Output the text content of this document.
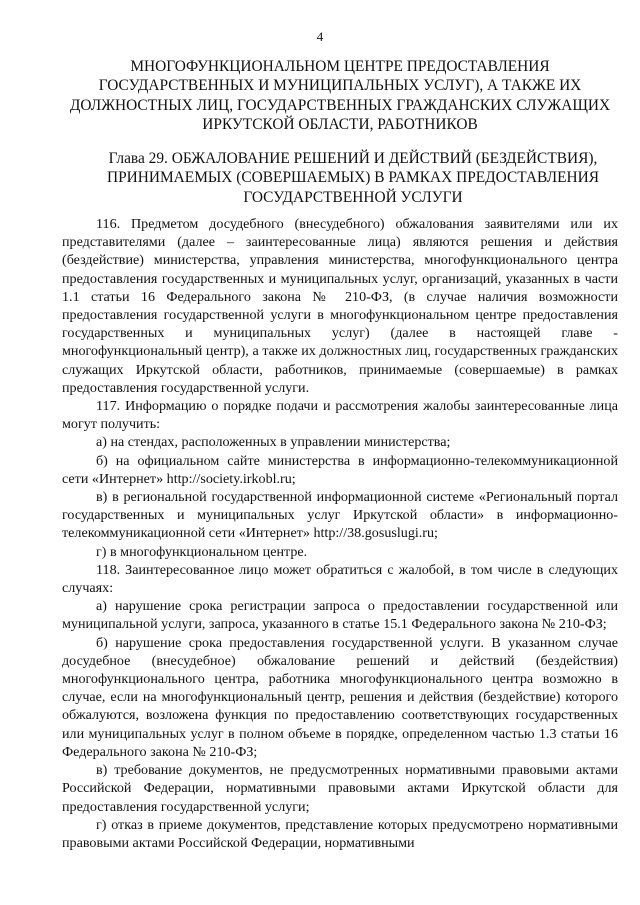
4
МНОГОФУНКЦИОНАЛЬНОМ ЦЕНТРЕ ПРЕДОСТАВЛЕНИЯ ГОСУДАРСТВЕННЫХ И МУНИЦИПАЛЬНЫХ УСЛУГ), А ТАКЖЕ ИХ ДОЛЖНОСТНЫХ ЛИЦ, ГОСУДАРСТВЕННЫХ ГРАЖДАНСКИХ СЛУЖАЩИХ ИРКУТСКОЙ ОБЛАСТИ, РАБОТНИКОВ
Глава 29. ОБЖАЛОВАНИЕ РЕШЕНИЙ И ДЕЙСТВИЙ (БЕЗДЕЙСТВИЯ), ПРИНИМАЕМЫХ (СОВЕРШАЕМЫХ) В РАМКАХ ПРЕДОСТАВЛЕНИЯ ГОСУДАРСТВЕННОЙ УСЛУГИ

116. Предметом досудебного (внесудебного) обжалования заявителями или их представителями (далее – заинтересованные лица) являются решения и действия (бездействие) министерства, управления министерства, многофункционального центра предоставления государственных и муниципальных услуг, организаций, указанных в части 1.1 статьи 16 Федерального закона № 210-ФЗ, (в случае наличия возможности предоставления государственной услуги в многофункциональном центре предоставления государственных и муниципальных услуг) (далее в настоящей главе - многофункциональный центр), а также их должностных лиц, государственных гражданских служащих Иркутской области, работников, принимаемые (совершаемые) в рамках предоставления государственной услуги.

117. Информацию о порядке подачи и рассмотрения жалобы заинтересованные лица могут получить:

а) на стендах, расположенных в управлении министерства;

б) на официальном сайте министерства в информационно-телекоммуникационной сети «Интернет» http://society.irkobl.ru;

в) в региональной государственной информационной системе «Региональный портал государственных и муниципальных услуг Иркутской области» в информационно-телекоммуникационной сети «Интернет» http://38.gosuslugi.ru;

г) в многофункциональном центре.

118. Заинтересованное лицо может обратиться с жалобой, в том числе в следующих случаях:

а) нарушение срока регистрации запроса о предоставлении государственной или муниципальной услуги, запроса, указанного в статье 15.1 Федерального закона № 210-ФЗ;

б) нарушение срока предоставления государственной услуги. В указанном случае досудебное (внесудебное) обжалование решений и действий (бездействия) многофункционального центра, работника многофункционального центра возможно в случае, если на многофункциональный центр, решения и действия (бездействие) которого обжалуются, возложена функция по предоставлению соответствующих государственных или муниципальных услуг в полном объеме в порядке, определенном частью 1.3 статьи 16 Федерального закона № 210-ФЗ;

в) требование документов, не предусмотренных нормативными правовыми актами Российской Федерации, нормативными правовыми актами Иркутской области для предоставления государственной услуги;

г) отказ в приеме документов, представление которых предусмотрено нормативными правовыми актами Российской Федерации, нормативными
